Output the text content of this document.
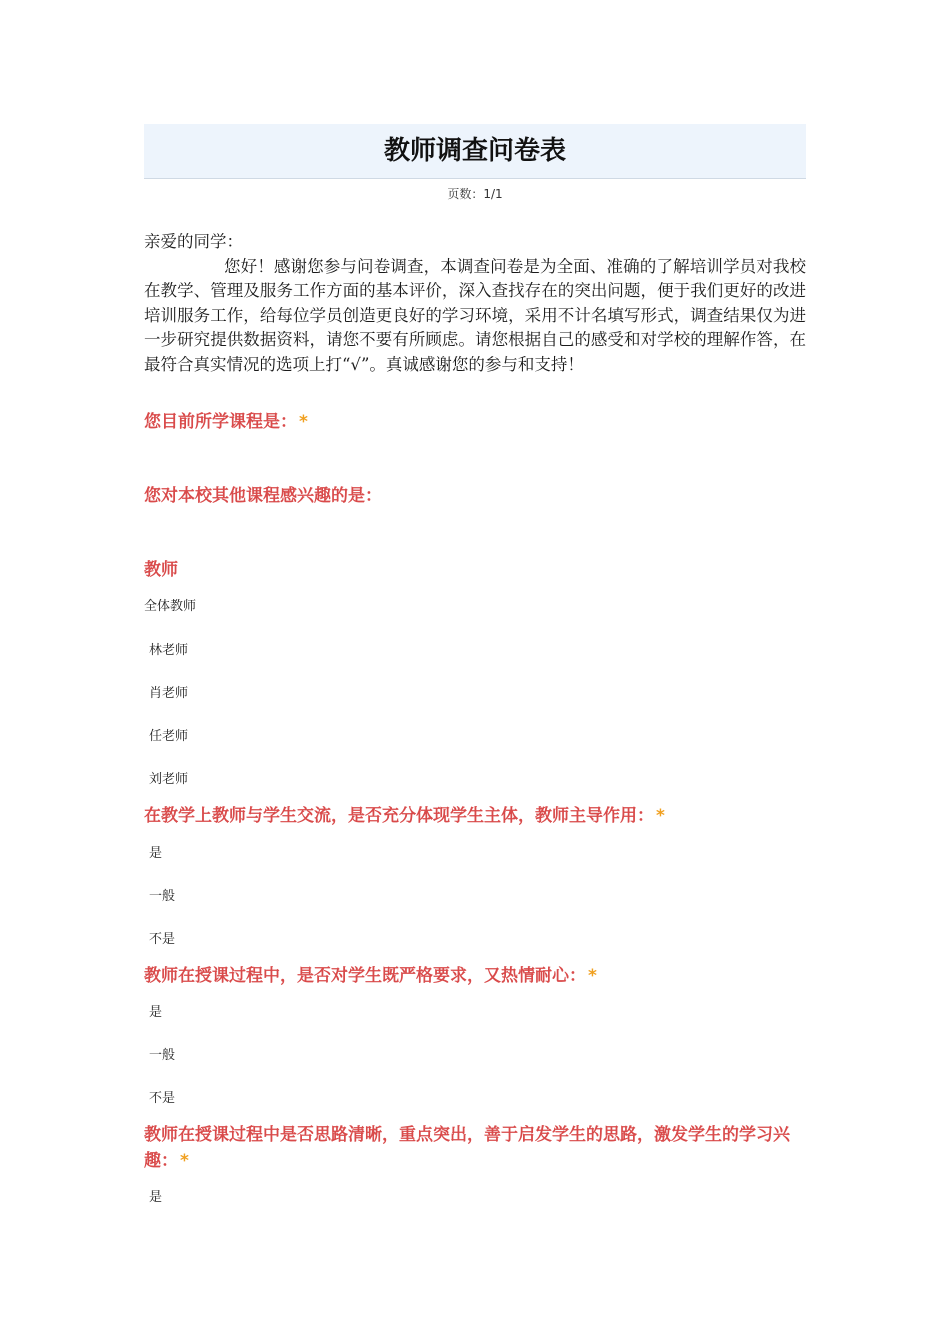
教师调查问卷表
页数：1/1
亲爱的同学：
您好！感谢您参与问卷调查，本调查问卷是为全面、准确的了解培训学员对我校在教学、管理及服务工作方面的基本评价，深入查找存在的突出问题，便于我们更好的改进培训服务工作，给每位学员创造更良好的学习环境，采用不计名填写形式，调查结果仅为进一步研究提供数据资料，请您不要有所顾虑。请您根据自己的感受和对学校的理解作答，在最符合真实情况的选项上打“√”。真诚感谢您的参与和支持！
您目前所学课程是： *
您对本校其他课程感兴趣的是：
教师
全体教师
林老师
肖老师
任老师
刘老师
在教学上教师与学生交流，是否充分体现学生主体，教师主导作用： *
是
一般
不是
教师在授课过程中，是否对学生既严格要求，又热情耐心： *
是
一般
不是
教师在授课过程中是否思路清晰，重点突出，善于启发学生的思路，激发学生的学习兴趣： *
是
